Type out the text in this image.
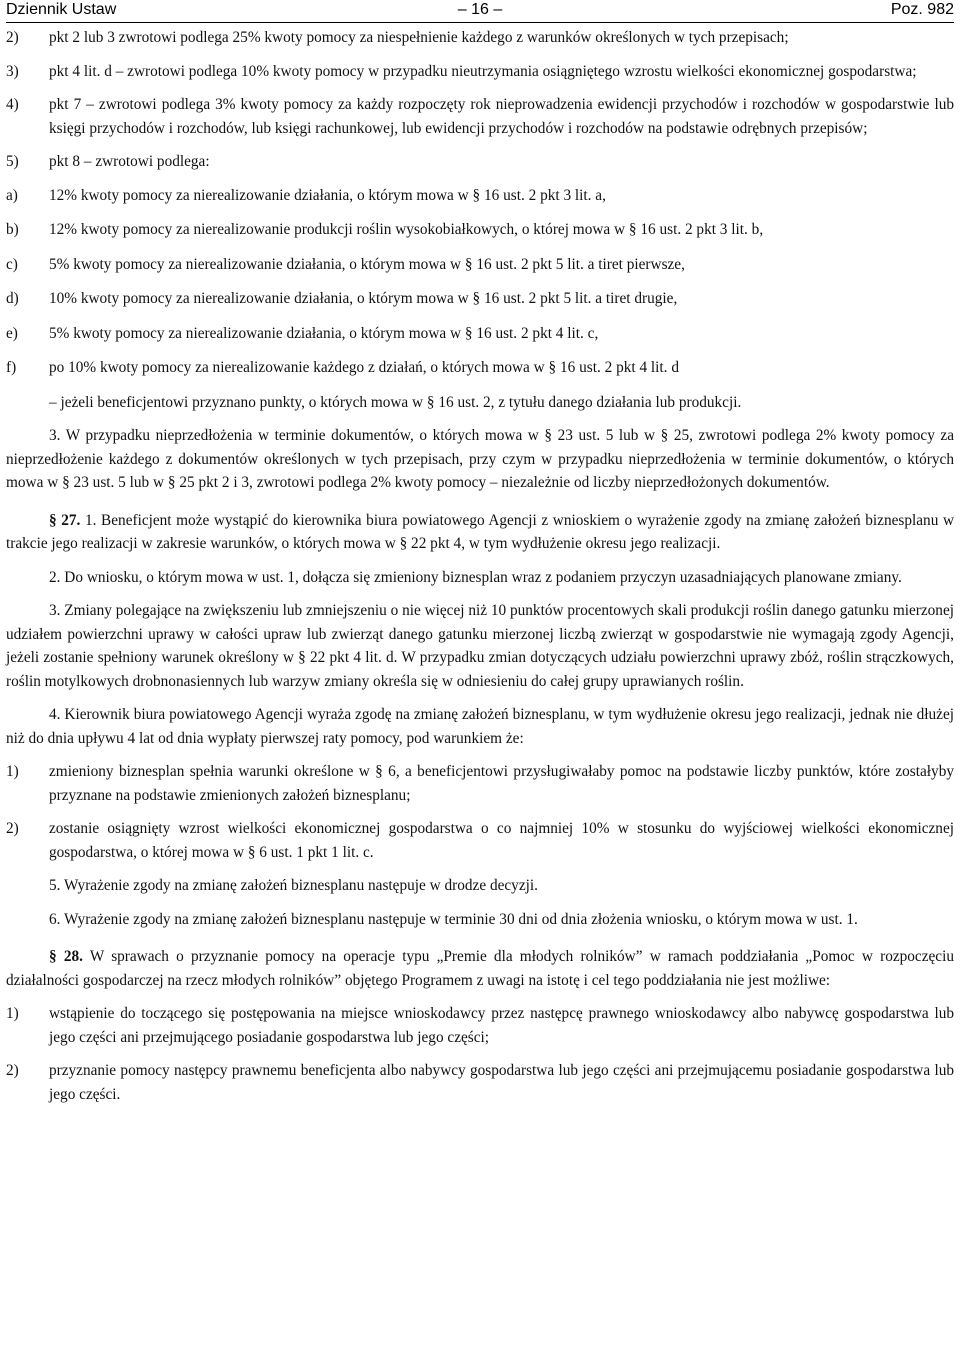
Dziennik Ustaw	– 16 –	Poz. 982
2) pkt 2 lub 3 zwrotowi podlega 25% kwoty pomocy za niespełnienie każdego z warunków określonych w tych przepisach;

3) pkt 4 lit. d – zwrotowi podlega 10% kwoty pomocy w przypadku nieutrzymania osiągniętego wzrostu wielkości ekonomicznej gospodarstwa;

4) pkt 7 – zwrotowi podlega 3% kwoty pomocy za każdy rozpoczęty rok nieprowadzenia ewidencji przychodów i rozchodów w gospodarstwie lub księgi przychodów i rozchodów, lub księgi rachunkowej, lub ewidencji przychodów i rozchodów na podstawie odrębnych przepisów;

5) pkt 8 – zwrotowi podlega:

a) 12% kwoty pomocy za nierealizowanie działania, o którym mowa w § 16 ust. 2 pkt 3 lit. a,

b) 12% kwoty pomocy za nierealizowanie produkcji roślin wysokobiałkowych, o której mowa w § 16 ust. 2 pkt 3 lit. b,

c) 5% kwoty pomocy za nierealizowanie działania, o którym mowa w § 16 ust. 2 pkt 5 lit. a tiret pierwsze,

d) 10% kwoty pomocy za nierealizowanie działania, o którym mowa w § 16 ust. 2 pkt 5 lit. a tiret drugie,

e) 5% kwoty pomocy za nierealizowanie działania, o którym mowa w § 16 ust. 2 pkt 4 lit. c,

f) po 10% kwoty pomocy za nierealizowanie każdego z działań, o których mowa w § 16 ust. 2 pkt 4 lit. d

– jeżeli beneficjentowi przyznano punkty, o których mowa w § 16 ust. 2, z tytułu danego działania lub produkcji.

3. W przypadku nieprzedłożenia w terminie dokumentów, o których mowa w § 23 ust. 5 lub w § 25, zwrotowi podlega 2% kwoty pomocy za nieprzedłożenie każdego z dokumentów określonych w tych przepisach, przy czym w przypadku nieprzedłożenia w terminie dokumentów, o których mowa w § 23 ust. 5 lub w § 25 pkt 2 i 3, zwrotowi podlega 2% kwoty pomocy – niezależnie od liczby nieprzedłożonych dokumentów.

§ 27. 1. Beneficjent może wystąpić do kierownika biura powiatowego Agencji z wnioskiem o wyrażenie zgody na zmianę założeń biznesplanu w trakcie jego realizacji w zakresie warunków, o których mowa w § 22 pkt 4, w tym wydłużenie okresu jego realizacji.

2. Do wniosku, o którym mowa w ust. 1, dołącza się zmieniony biznesplan wraz z podaniem przyczyn uzasadniających planowane zmiany.

3. Zmiany polegające na zwiększeniu lub zmniejszeniu o nie więcej niż 10 punktów procentowych skali produkcji roślin danego gatunku mierzonej udziałem powierzchni uprawy w całości upraw lub zwierząt danego gatunku mierzonej liczbą zwierząt w gospodarstwie nie wymagają zgody Agencji, jeżeli zostanie spełniony warunek określony w § 22 pkt 4 lit. d. W przypadku zmian dotyczących udziału powierzchni uprawy zbóż, roślin strączkowych, roślin motylkowych drobnonasiennych lub warzyw zmiany określa się w odniesieniu do całej grupy uprawianych roślin.

4. Kierownik biura powiatowego Agencji wyraża zgodę na zmianę założeń biznesplanu, w tym wydłużenie okresu jego realizacji, jednak nie dłużej niż do dnia upływu 4 lat od dnia wypłaty pierwszej raty pomocy, pod warunkiem że:

1) zmieniony biznesplan spełnia warunki określone w § 6, a beneficjentowi przysługiwałaby pomoc na podstawie liczby punktów, które zostałyby przyznane na podstawie zmienionych założeń biznesplanu;

2) zostanie osiągnięty wzrost wielkości ekonomicznej gospodarstwa o co najmniej 10% w stosunku do wyjściowej wielkości ekonomicznej gospodarstwa, o której mowa w § 6 ust. 1 pkt 1 lit. c.

5. Wyrażenie zgody na zmianę założeń biznesplanu następuje w drodze decyzji.

6. Wyrażenie zgody na zmianę założeń biznesplanu następuje w terminie 30 dni od dnia złożenia wniosku, o którym mowa w ust. 1.

§ 28. W sprawach o przyznanie pomocy na operacje typu „Premie dla młodych rolników” w ramach poddziałania „Pomoc w rozpoczęciu działalności gospodarczej na rzecz młodych rolników” objętego Programem z uwagi na istotę i cel tego poddziałania nie jest możliwe:

1) wstąpienie do toczącego się postępowania na miejsce wnioskodawcy przez następcę prawnego wnioskodawcy albo nabywcę gospodarstwa lub jego części ani przejmującego posiadanie gospodarstwa lub jego części;

2) przyznanie pomocy następcy prawnemu beneficjenta albo nabywcy gospodarstwa lub jego części ani przejmującemu posiadanie gospodarstwa lub jego części.
